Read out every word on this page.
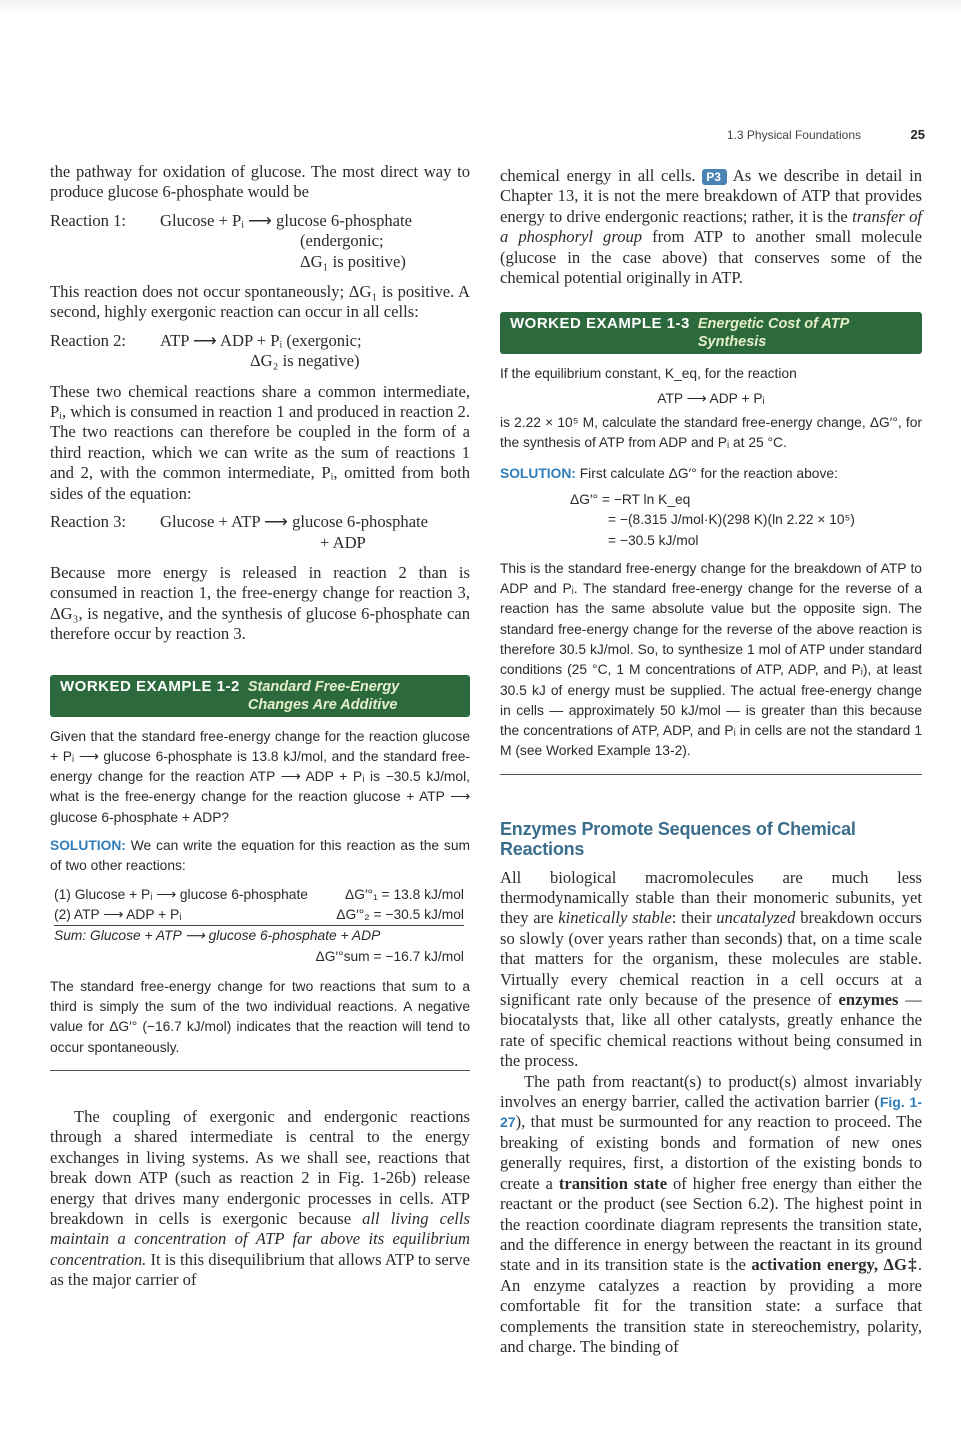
1.3 Physical Foundations	25

the pathway for oxidation of glucose. The most direct way to produce glucose 6-phosphate would be

Reaction 1:	Glucose + Pᵢ ⟶ glucose 6-phosphate
(endergonic;
ΔG₁ is positive)

This reaction does not occur spontaneously; ΔG₁ is positive. A second, highly exergonic reaction can occur in all cells:

Reaction 2:	ATP ⟶ ADP + Pᵢ (exergonic;
ΔG₂ is negative)

These two chemical reactions share a common intermediate, Pᵢ, which is consumed in reaction 1 and produced in reaction 2. The two reactions can therefore be coupled in the form of a third reaction, which we can write as the sum of reactions 1 and 2, with the common intermediate, Pᵢ, omitted from both sides of the equation:

Reaction 3:	Glucose + ATP ⟶ glucose 6-phosphate
+ ADP

Because more energy is released in reaction 2 than is consumed in reaction 1, the free-energy change for reaction 3, ΔG₃, is negative, and the synthesis of glucose 6-phosphate can therefore occur by reaction 3.

WORKED EXAMPLE 1-2 Standard Free-Energy Changes Are Additive

Given that the standard free-energy change for the reaction glucose + Pᵢ ⟶ glucose 6-phosphate is 13.8 kJ/mol, and the standard free-energy change for the reaction ATP ⟶ ADP + Pᵢ is −30.5 kJ/mol, what is the free-energy change for the reaction glucose + ATP ⟶ glucose 6-phosphate + ADP?

SOLUTION: We can write the equation for this reaction as the sum of two other reactions:

(1) Glucose + Pᵢ ⟶ glucose 6-phosphate	ΔG′°₁ = 13.8 kJ/mol
(2) ATP ⟶ ADP + Pᵢ	ΔG′°₂ = −30.5 kJ/mol
Sum: Glucose + ATP ⟶ glucose 6-phosphate + ADP
ΔG′°sum = −16.7 kJ/mol

The standard free-energy change for two reactions that sum to a third is simply the sum of the two individual reactions. A negative value for ΔG′° (−16.7 kJ/mol) indicates that the reaction will tend to occur spontaneously.

The coupling of exergonic and endergonic reactions through a shared intermediate is central to the energy exchanges in living systems. As we shall see, reactions that break down ATP (such as reaction 2 in Fig. 1-26b) release energy that drives many endergonic processes in cells. ATP breakdown in cells is exergonic because all living cells maintain a concentration of ATP far above its equilibrium concentration. It is this disequilibrium that allows ATP to serve as the major carrier of

chemical energy in all cells. P3 As we describe in detail in Chapter 13, it is not the mere breakdown of ATP that provides energy to drive endergonic reactions; rather, it is the transfer of a phosphoryl group from ATP to another small molecule (glucose in the case above) that conserves some of the chemical potential originally in ATP.

WORKED EXAMPLE 1-3 Energetic Cost of ATP Synthesis

If the equilibrium constant, K_eq, for the reaction

ATP ⟶ ADP + Pᵢ

is 2.22 × 10⁵ M, calculate the standard free-energy change, ΔG′°, for the synthesis of ATP from ADP and Pᵢ at 25 °C.

SOLUTION: First calculate ΔG′° for the reaction above:

ΔG′° = −RT ln K_eq
= −(8.315 J/mol·K)(298 K)(ln 2.22 × 10⁵)
= −30.5 kJ/mol

This is the standard free-energy change for the breakdown of ATP to ADP and Pᵢ. The standard free-energy change for the reverse of a reaction has the same absolute value but the opposite sign. The standard free-energy change for the reverse of the above reaction is therefore 30.5 kJ/mol. So, to synthesize 1 mol of ATP under standard conditions (25 °C, 1 M concentrations of ATP, ADP, and Pᵢ), at least 30.5 kJ of energy must be supplied. The actual free-energy change in cells — approximately 50 kJ/mol — is greater than this because the concentrations of ATP, ADP, and Pᵢ in cells are not the standard 1 M (see Worked Example 13-2).

Enzymes Promote Sequences of Chemical Reactions

All biological macromolecules are much less thermodynamically stable than their monomeric subunits, yet they are kinetically stable: their uncatalyzed breakdown occurs so slowly (over years rather than seconds) that, on a time scale that matters for the organism, these molecules are stable. Virtually every chemical reaction in a cell occurs at a significant rate only because of the presence of enzymes — biocatalysts that, like all other catalysts, greatly enhance the rate of specific chemical reactions without being consumed in the process.

The path from reactant(s) to product(s) almost invariably involves an energy barrier, called the activation barrier (Fig. 1-27), that must be surmounted for any reaction to proceed. The breaking of existing bonds and formation of new ones generally requires, first, a distortion of the existing bonds to create a transition state of higher free energy than either the reactant or the product (see Section 6.2). The highest point in the reaction coordinate diagram represents the transition state, and the difference in energy between the reactant in its ground state and in its transition state is the activation energy, ΔG‡. An enzyme catalyzes a reaction by providing a more comfortable fit for the transition state: a surface that complements the transition state in stereochemistry, polarity, and charge. The binding of
